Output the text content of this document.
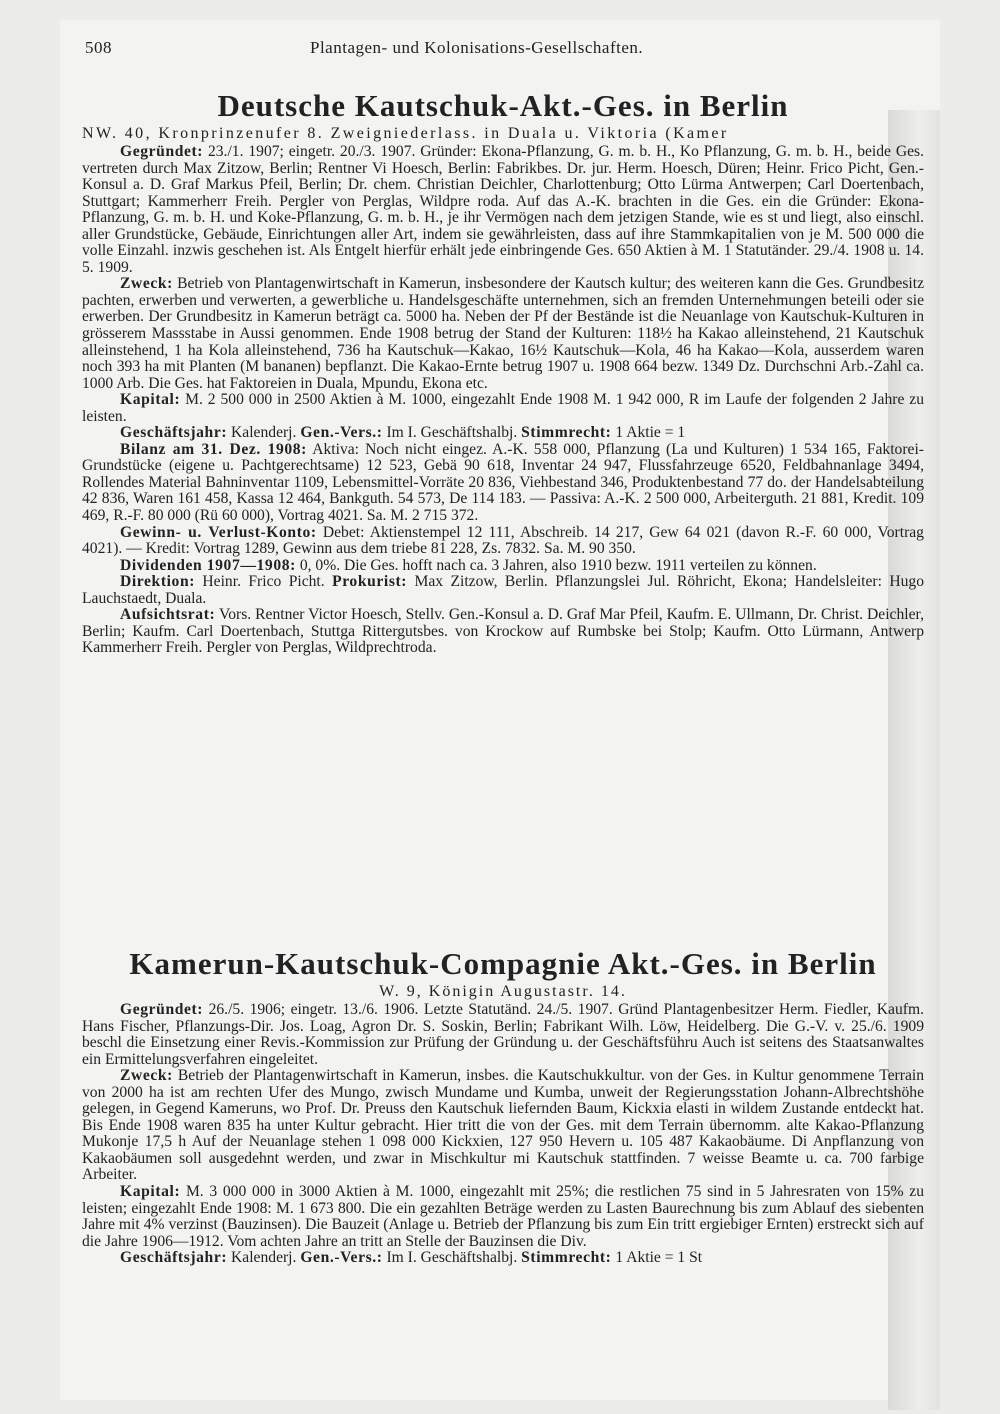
508	Plantagen- und Kolonisations-Gesellschaften.
Deutsche Kautschuk-Akt.-Ges. in Berlin
NW. 40, Kronprinzenufer 8. Zweigniederlass. in Duala u. Viktoria (Kamer

Gegründet: 23./1. 1907; eingetr. 20./3. 1907. Gründer: Ekona-Pflanzung, G. m. b. H., Ko Pflanzung, G. m. b. H., beide Ges. vertreten durch Max Zitzow, Berlin; Rentner Vi Hoesch, Berlin: Fabrikbes. Dr. jur. Herm. Hoesch, Düren; Heinr. Frico Picht, Gen.-Konsul a. D. Graf Markus Pfeil, Berlin; Dr. chem. Christian Deichler, Charlottenburg; Otto Lürma Antwerpen; Carl Doertenbach, Stuttgart; Kammerherr Freih. Pergler von Perglas, Wildpre roda. Auf das A.-K. brachten in die Ges. ein die Gründer: Ekona-Pflanzung, G. m. b. H. und Koke-Pflanzung, G. m. b. H., je ihr Vermögen nach dem jetzigen Stande, wie es st und liegt, also einschl. aller Grundstücke, Gebäude, Einrichtungen aller Art, indem sie gewährleisten, dass auf ihre Stammkapitalien von je M. 500 000 die volle Einzahl. inzwis geschehen ist. Als Entgelt hierfür erhält jede einbringende Ges. 650 Aktien à M. 1 Statutänder. 29./4. 1908 u. 14. 5. 1909.

Zweck: Betrieb von Plantagenwirtschaft in Kamerun, insbesondere der Kautsch kultur; des weiteren kann die Ges. Grundbesitz pachten, erwerben und verwerten, a gewerbliche u. Handelsgeschäfte unternehmen, sich an fremden Unternehmungen beteili oder sie erwerben. Der Grundbesitz in Kamerun beträgt ca. 5000 ha. Neben der Pf der Bestände ist die Neuanlage von Kautschuk-Kulturen in grösserem Massstabe in Aussi genommen. Ende 1908 betrug der Stand der Kulturen: 118½ ha Kakao alleinstehend, 21 Kautschuk alleinstehend, 1 ha Kola alleinstehend, 736 ha Kautschuk—Kakao, 16½ Kautschuk—Kola, 46 ha Kakao—Kola, ausserdem waren noch 393 ha mit Planten (M bananen) bepflanzt. Die Kakao-Ernte betrug 1907 u. 1908 664 bezw. 1349 Dz. Durchschni Arb.-Zahl ca. 1000 Arb. Die Ges. hat Faktoreien in Duala, Mpundu, Ekona etc.

Kapital: M. 2 500 000 in 2500 Aktien à M. 1000, eingezahlt Ende 1908 M. 1 942 000, R im Laufe der folgenden 2 Jahre zu leisten.

Geschäftsjahr: Kalenderj. Gen.-Vers.: Im I. Geschäftshalbj. Stimmrecht: 1 Aktie = 1

Bilanz am 31. Dez. 1908: Aktiva: Noch nicht eingez. A.-K. 558 000, Pflanzung (La und Kulturen) 1 534 165, Faktorei-Grundstücke (eigene u. Pachtgerechtsame) 12 523, Gebä 90 618, Inventar 24 947, Flussfahrzeuge 6520, Feldbahnanlage 3494, Rollendes Material Bahninventar 1109, Lebensmittel-Vorräte 20 836, Viehbestand 346, Produktenbestand 77 do. der Handelsabteilung 42 836, Waren 161 458, Kassa 12 464, Bankguth. 54 573, De 114 183. — Passiva: A.-K. 2 500 000, Arbeiterguth. 21 881, Kredit. 109 469, R.-F. 80 000 (Rü 60 000), Vortrag 4021. Sa. M. 2 715 372.

Gewinn- u. Verlust-Konto: Debet: Aktienstempel 12 111, Abschreib. 14 217, Gew 64 021 (davon R.-F. 60 000, Vortrag 4021). — Kredit: Vortrag 1289, Gewinn aus dem triebe 81 228, Zs. 7832. Sa. M. 90 350.

Dividenden 1907—1908: 0, 0%. Die Ges. hofft nach ca. 3 Jahren, also 1910 bezw. 1911 verteilen zu können.

Direktion: Heinr. Frico Picht. Prokurist: Max Zitzow, Berlin. Pflanzungslei Jul. Röhricht, Ekona; Handelsleiter: Hugo Lauchstaedt, Duala.

Aufsichtsrat: Vors. Rentner Victor Hoesch, Stellv. Gen.-Konsul a. D. Graf Mar Pfeil, Kaufm. E. Ullmann, Dr. Christ. Deichler, Berlin; Kaufm. Carl Doertenbach, Stuttga Rittergutsbes. von Krockow auf Rumbske bei Stolp; Kaufm. Otto Lürmann, Antwerp Kammerherr Freih. Pergler von Perglas, Wildprechtroda.

Kamerun-Kautschuk-Compagnie Akt.-Ges. in Berlin
W. 9, Königin Augustastr. 14.

Gegründet: 26./5. 1906; eingetr. 13./6. 1906. Letzte Statutänd. 24./5. 1907. Gründ Plantagenbesitzer Herm. Fiedler, Kaufm. Hans Fischer, Pflanzungs-Dir. Jos. Loag, Agron Dr. S. Soskin, Berlin; Fabrikant Wilh. Löw, Heidelberg. Die G.-V. v. 25./6. 1909 beschl die Einsetzung einer Revis.-Kommission zur Prüfung der Gründung u. der Geschäftsführu Auch ist seitens des Staatsanwaltes ein Ermittelungsverfahren eingeleitet.

Zweck: Betrieb der Plantagenwirtschaft in Kamerun, insbes. die Kautschukkultur. von der Ges. in Kultur genommene Terrain von 2000 ha ist am rechten Ufer des Mungo, zwisch Mundame und Kumba, unweit der Regierungsstation Johann-Albrechtshöhe gelegen, in Gegend Kameruns, wo Prof. Dr. Preuss den Kautschuk liefernden Baum, Kickxia elasti in wildem Zustande entdeckt hat. Bis Ende 1908 waren 835 ha unter Kultur gebracht. Hier tritt die von der Ges. mit dem Terrain übernomm. alte Kakao-Pflanzung Mukonje 17,5 h Auf der Neuanlage stehen 1 098 000 Kickxien, 127 950 Hevern u. 105 487 Kakaobäume. Di Anpflanzung von Kakaobäumen soll ausgedehnt werden, und zwar in Mischkultur mi Kautschuk stattfinden. 7 weisse Beamte u. ca. 700 farbige Arbeiter.

Kapital: M. 3 000 000 in 3000 Aktien à M. 1000, eingezahlt mit 25%; die restlichen 75 sind in 5 Jahresraten von 15% zu leisten; eingezahlt Ende 1908: M. 1 673 800. Die ein gezahlten Beträge werden zu Lasten Baurechnung bis zum Ablauf des siebenten Jahre mit 4% verzinst (Bauzinsen). Die Bauzeit (Anlage u. Betrieb der Pflanzung bis zum Ein tritt ergiebiger Ernten) erstreckt sich auf die Jahre 1906—1912. Vom achten Jahre an tritt an Stelle der Bauzinsen die Div.

Geschäftsjahr: Kalenderj. Gen.-Vers.: Im I. Geschäftshalbj. Stimmrecht: 1 Aktie = 1 St
